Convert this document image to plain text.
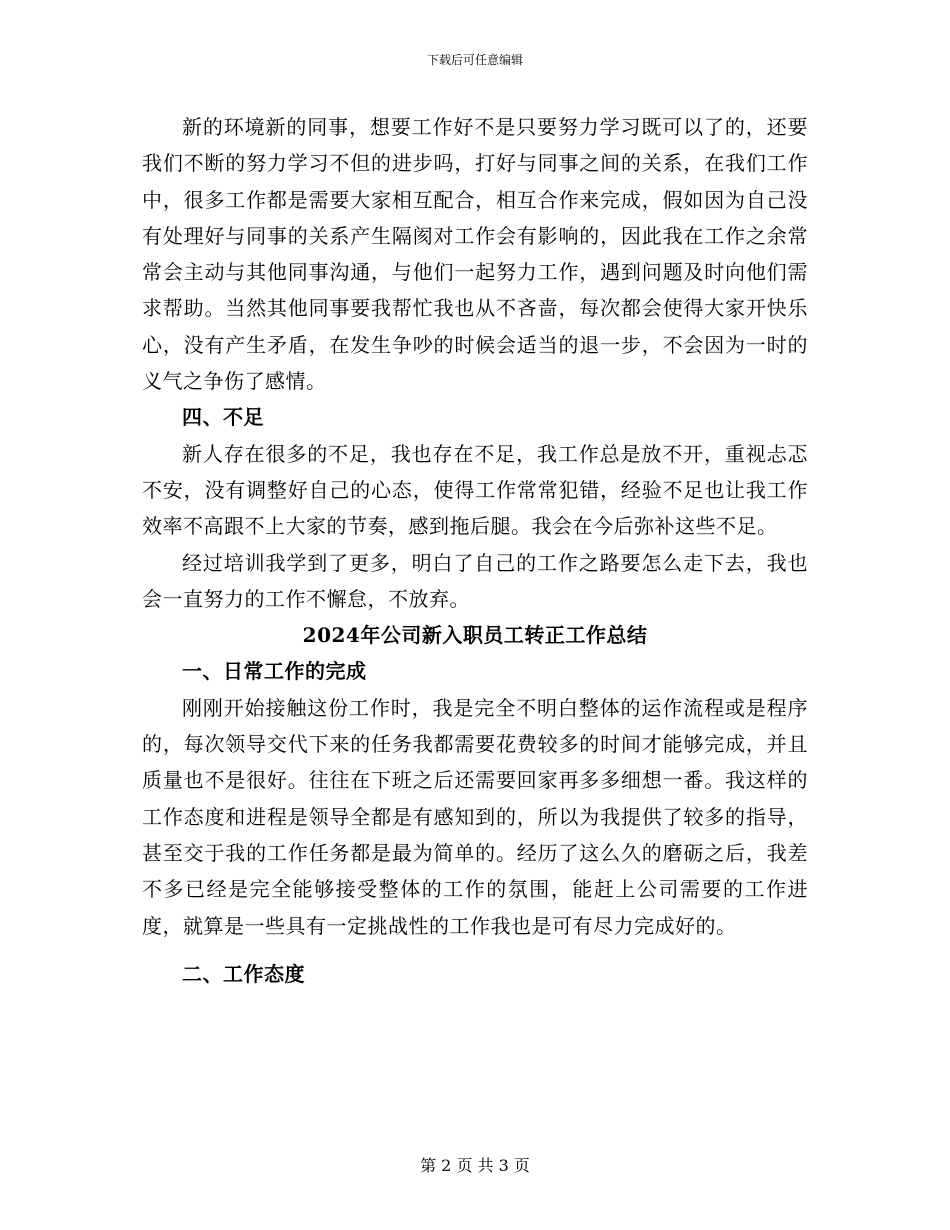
下载后可任意编辑

新的环境新的同事，想要工作好不是只要努力学习既可以了的，还要我们不断的努力学习不但的进步吗，打好与同事之间的关系，在我们工作中，很多工作都是需要大家相互配合，相互合作来完成，假如因为自己没有处理好与同事的关系产生隔阂对工作会有影响的，因此我在工作之余常常会主动与其他同事沟通，与他们一起努力工作，遇到问题及时向他们需求帮助。当然其他同事要我帮忙我也从不吝啬，每次都会使得大家开快乐心，没有产生矛盾，在发生争吵的时候会适当的退一步，不会因为一时的义气之争伤了感情。

四、不足

新人存在很多的不足，我也存在不足，我工作总是放不开，重视忐忑不安，没有调整好自己的心态，使得工作常常犯错，经验不足也让我工作效率不高跟不上大家的节奏，感到拖后腿。我会在今后弥补这些不足。

经过培训我学到了更多，明白了自己的工作之路要怎么走下去，我也会一直努力的工作不懈怠，不放弃。

2024年公司新入职员工转正工作总结
一、日常工作的完成

刚刚开始接触这份工作时，我是完全不明白整体的运作流程或是程序的，每次领导交代下来的任务我都需要花费较多的时间才能够完成，并且质量也不是很好。往往在下班之后还需要回家再多多细想一番。我这样的工作态度和进程是领导全都是有感知到的，所以为我提供了较多的指导，甚至交于我的工作任务都是最为简单的。经历了这么久的磨砺之后，我差不多已经是完全能够接受整体的工作的氛围，能赶上公司需要的工作进度，就算是一些具有一定挑战性的工作我也是可有尽力完成好的。

二、工作态度
第 2 页 共 3 页
